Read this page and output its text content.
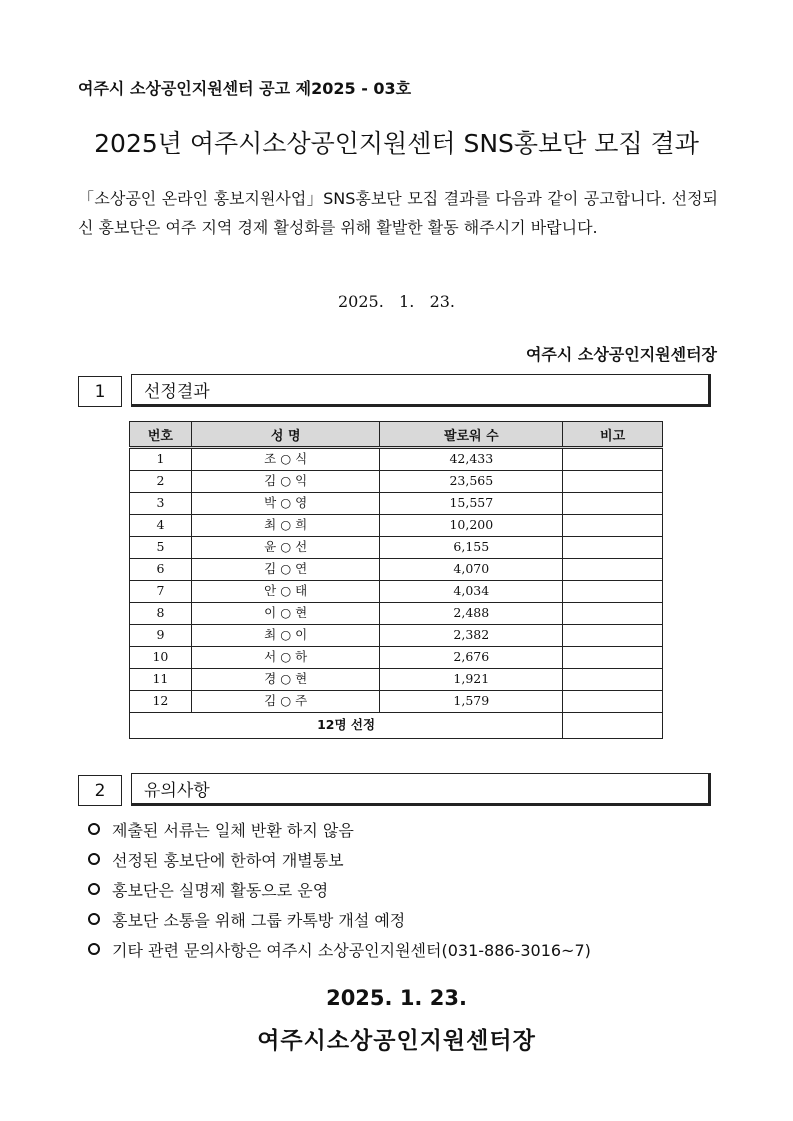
여주시 소상공인지원센터 공고 제2025 - 03호
2025년 여주시소상공인지원센터 SNS홍보단 모집 결과
「소상공인 온라인 홍보지원사업」SNS홍보단 모집 결과를 다음과 같이 공고합니다. 선정되신 홍보단은 여주 지역 경제 활성화를 위해 활발한 활동 해주시기 바랍니다.
2025.   1.   23.
여주시 소상공인지원센터장
1	선정결과
번호	성 명	팔로워 수	비고
1	조 ○ 식	42,433	
2	김 ○ 익	23,565	
3	박 ○ 영	15,557	
4	최 ○ 희	10,200	
5	윤 ○ 선	6,155	
6	김 ○ 연	4,070	
7	안 ○ 태	4,034	
8	이 ○ 현	2,488	
9	최 ○ 이	2,382	
10	서 ○ 하	2,676	
11	경 ○ 현	1,921	
12	김 ○ 주	1,579	
12명 선정			
2	유의사항
제출된 서류는 일체 반환 하지 않음
선정된 홍보단에 한하여 개별통보
홍보단은 실명제 활동으로 운영
홍보단 소통을 위해 그룹 카톡방 개설 예정
기타 관련 문의사항은 여주시 소상공인지원센터(031-886-3016~7)
2025. 1. 23.
여주시소상공인지원센터장
